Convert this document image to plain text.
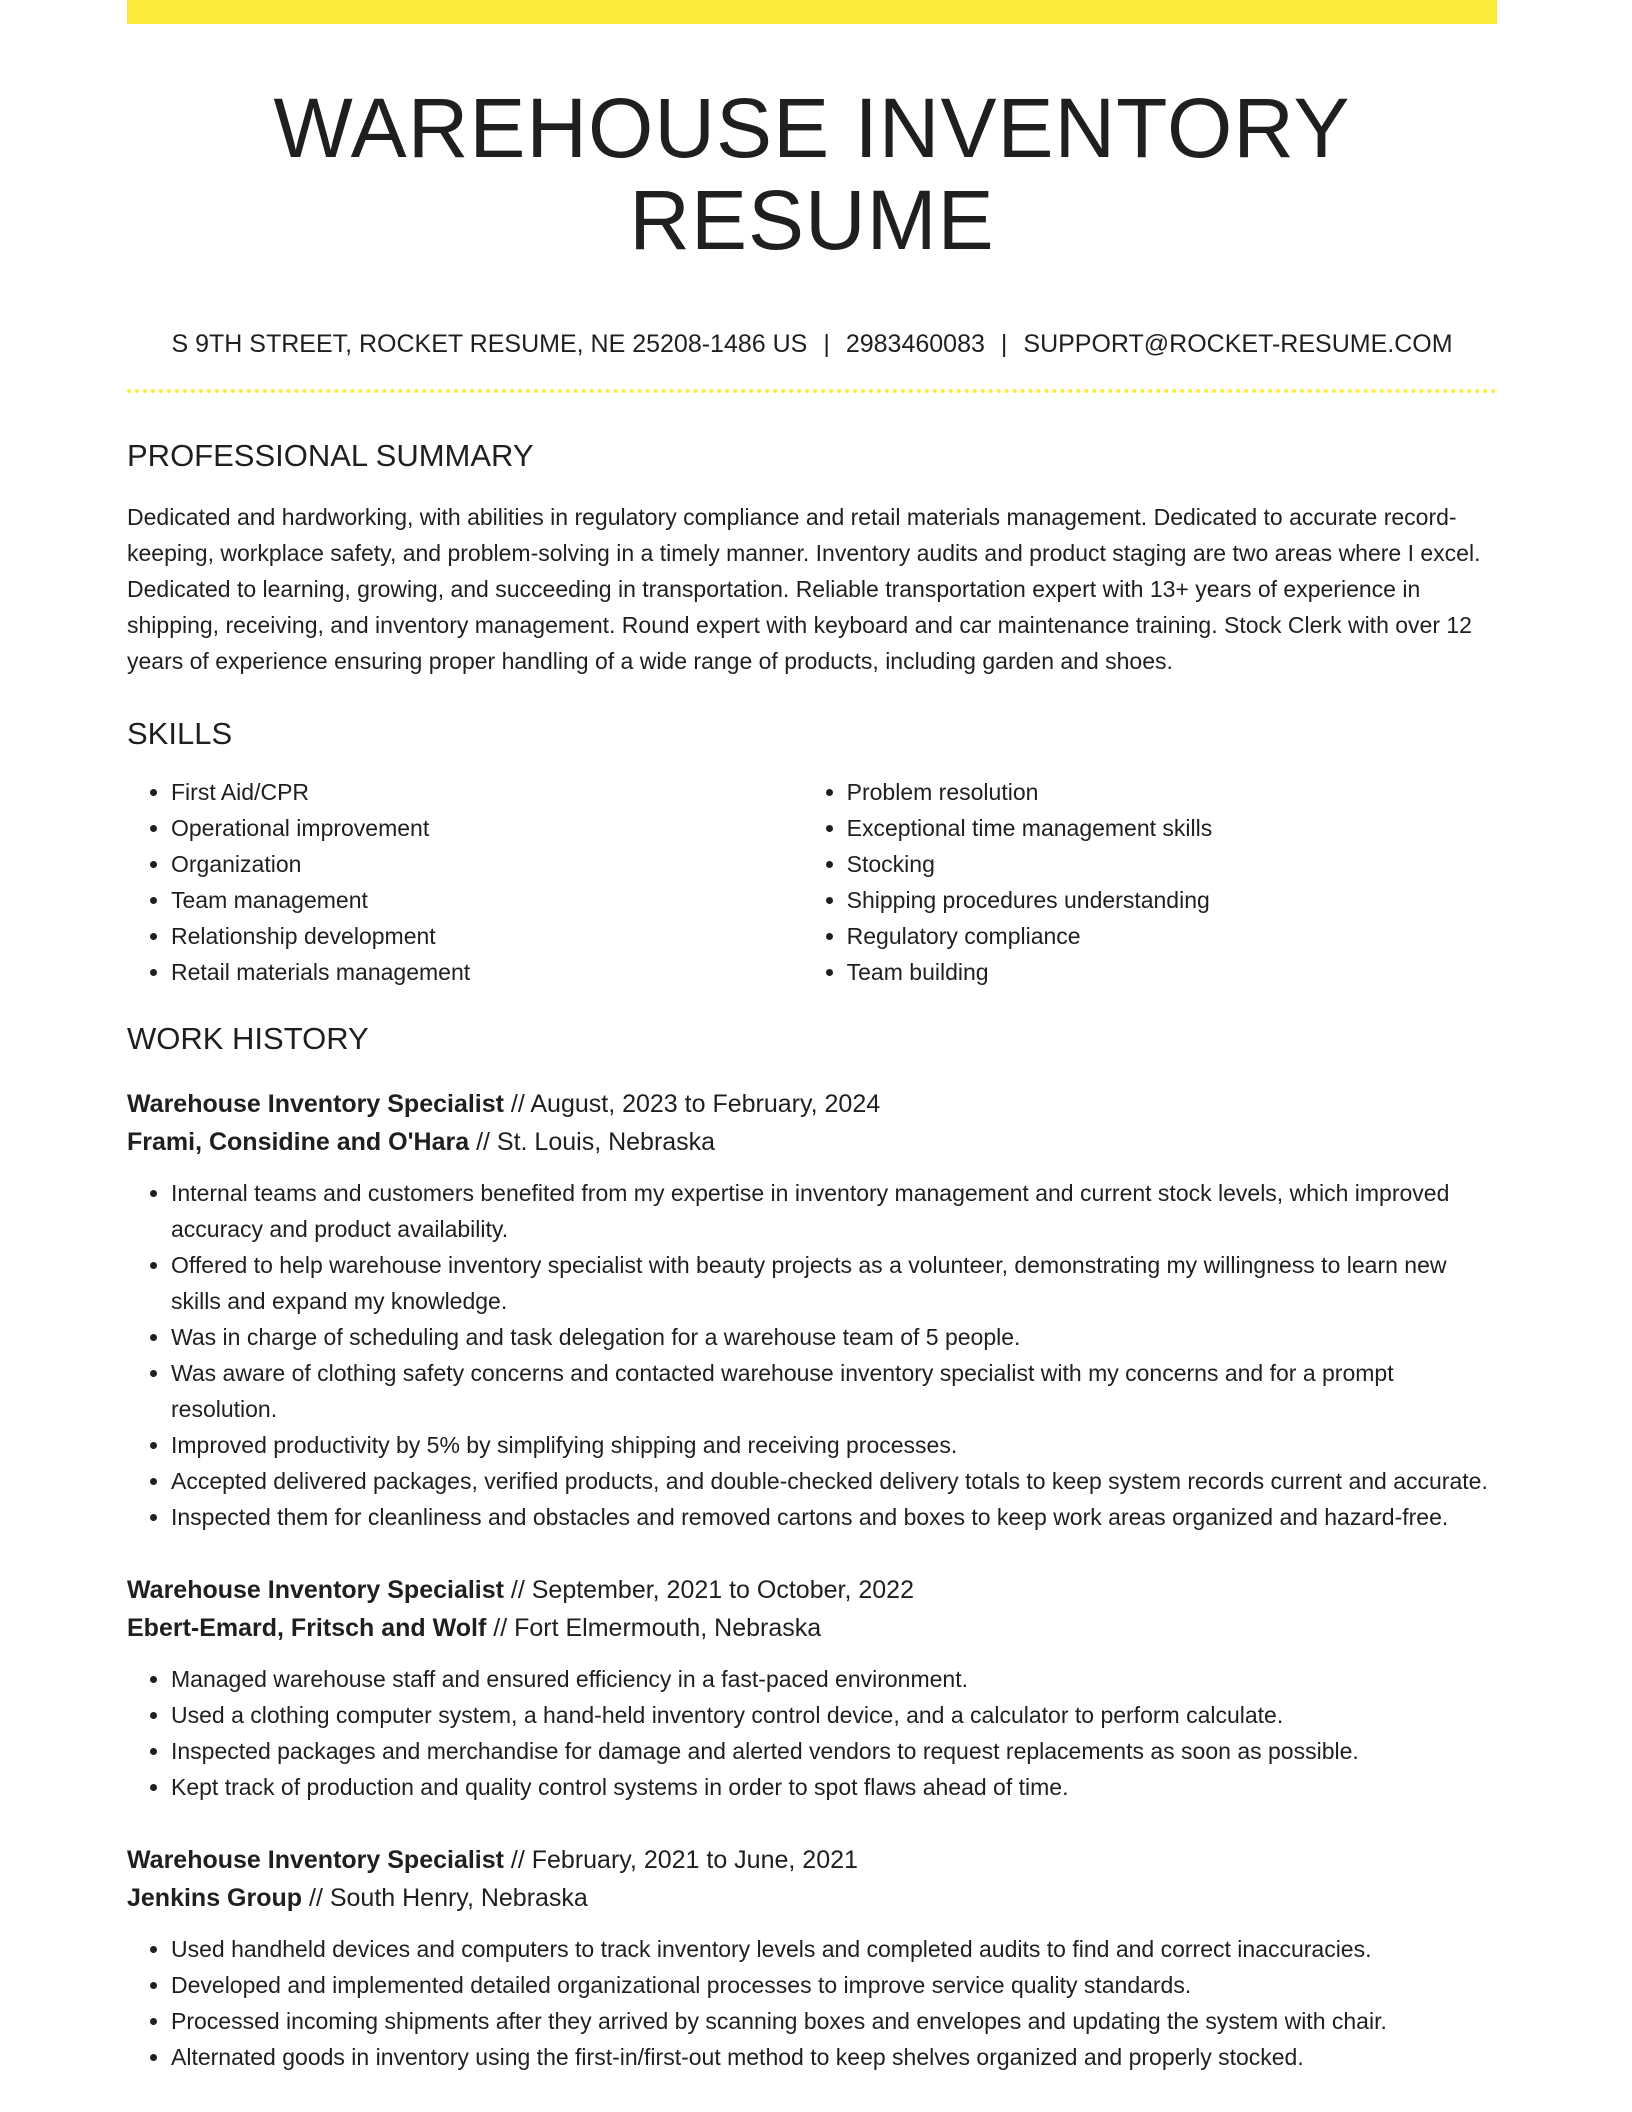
WAREHOUSE INVENTORY RESUME
S 9TH STREET, ROCKET RESUME, NE 25208-1486 US | 2983460083 | SUPPORT@ROCKET-RESUME.COM
PROFESSIONAL SUMMARY
Dedicated and hardworking, with abilities in regulatory compliance and retail materials management. Dedicated to accurate record-keeping, workplace safety, and problem-solving in a timely manner. Inventory audits and product staging are two areas where I excel. Dedicated to learning, growing, and succeeding in transportation. Reliable transportation expert with 13+ years of experience in shipping, receiving, and inventory management. Round expert with keyboard and car maintenance training. Stock Clerk with over 12 years of experience ensuring proper handling of a wide range of products, including garden and shoes.
SKILLS
• First Aid/CPR
• Operational improvement
• Organization
• Team management
• Relationship development
• Retail materials management
• Problem resolution
• Exceptional time management skills
• Stocking
• Shipping procedures understanding
• Regulatory compliance
• Team building
WORK HISTORY
Warehouse Inventory Specialist // August, 2023 to February, 2024
Frami, Considine and O'Hara // St. Louis, Nebraska
• Internal teams and customers benefited from my expertise in inventory management and current stock levels, which improved accuracy and product availability.
• Offered to help warehouse inventory specialist with beauty projects as a volunteer, demonstrating my willingness to learn new skills and expand my knowledge.
• Was in charge of scheduling and task delegation for a warehouse team of 5 people.
• Was aware of clothing safety concerns and contacted warehouse inventory specialist with my concerns and for a prompt resolution.
• Improved productivity by 5% by simplifying shipping and receiving processes.
• Accepted delivered packages, verified products, and double-checked delivery totals to keep system records current and accurate.
• Inspected them for cleanliness and obstacles and removed cartons and boxes to keep work areas organized and hazard-free.
Warehouse Inventory Specialist // September, 2021 to October, 2022
Ebert-Emard, Fritsch and Wolf // Fort Elmermouth, Nebraska
• Managed warehouse staff and ensured efficiency in a fast-paced environment.
• Used a clothing computer system, a hand-held inventory control device, and a calculator to perform calculate.
• Inspected packages and merchandise for damage and alerted vendors to request replacements as soon as possible.
• Kept track of production and quality control systems in order to spot flaws ahead of time.
Warehouse Inventory Specialist // February, 2021 to June, 2021
Jenkins Group // South Henry, Nebraska
• Used handheld devices and computers to track inventory levels and completed audits to find and correct inaccuracies.
• Developed and implemented detailed organizational processes to improve service quality standards.
• Processed incoming shipments after they arrived by scanning boxes and envelopes and updating the system with chair.
• Alternated goods in inventory using the first-in/first-out method to keep shelves organized and properly stocked.
